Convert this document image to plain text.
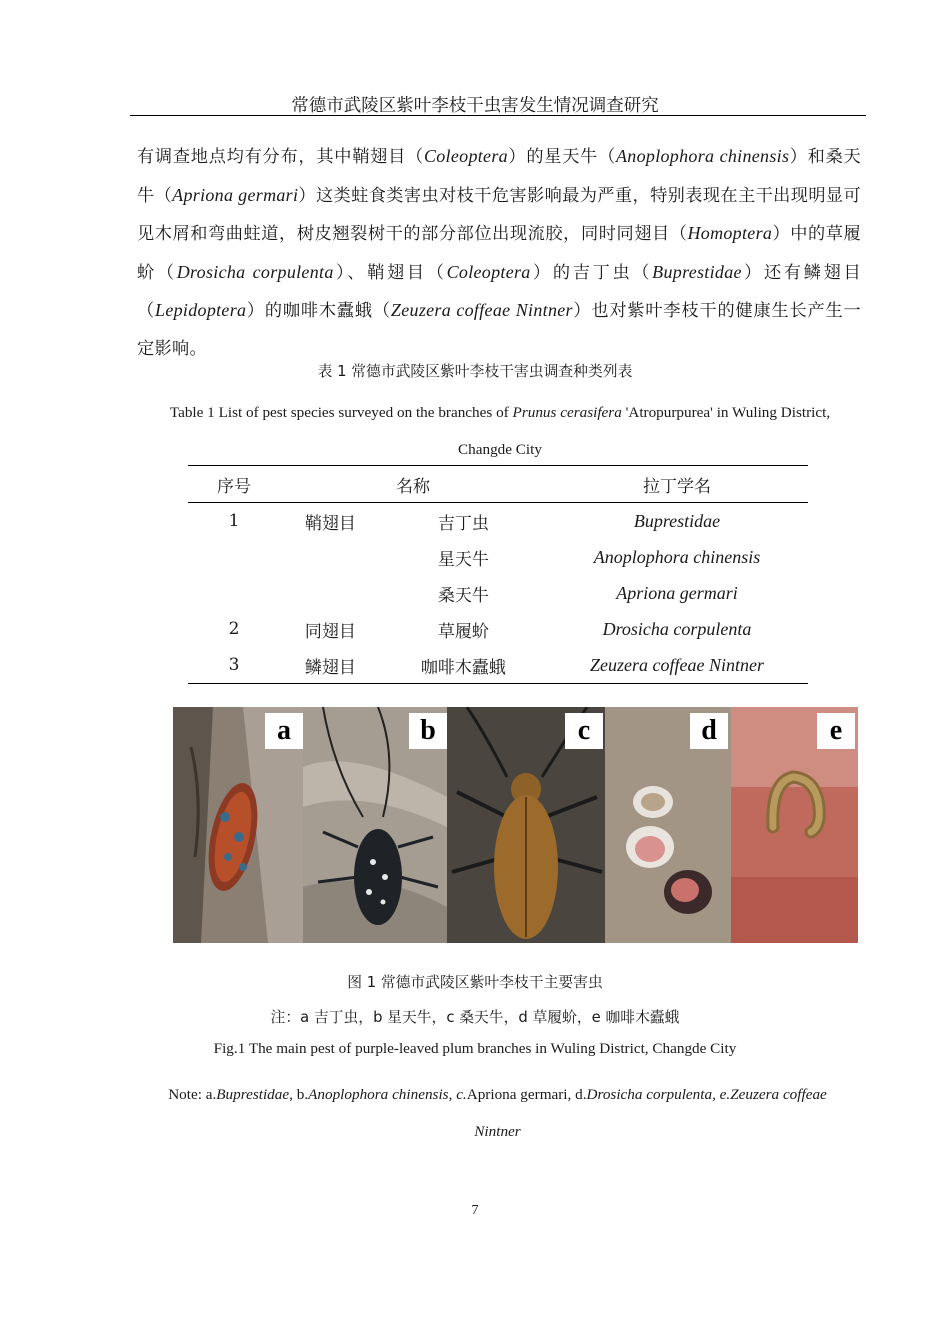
常德市武陵区紫叶李枝干虫害发生情况调查研究
有调查地点均有分布，其中鞘翅目（Coleoptera）的星天牛（Anoplophora chinensis）和桑天牛（Apriona germari）这类蛀食类害虫对枝干危害影响最为严重，特别表现在主干出现明显可见木屑和弯曲蛀道，树皮翘裂树干的部分部位出现流胶，同时同翅目（Homoptera）中的草履蚧（Drosicha corpulenta）、鞘翅目（Coleoptera）的吉丁虫（Buprestidae）还有鳞翅目（Lepidoptera）的咖啡木蠹蛾（Zeuzera coffeae Nintner）也对紫叶李枝干的健康生长产生一定影响。
表 1 常德市武陵区紫叶李枝干害虫调查种类列表
Table 1 List of pest species surveyed on the branches of Prunus cerasifera 'Atropurpurea' in Wuling District, Changde City
序号	名称		拉丁学名
1	鞘翅目	吉丁虫	Buprestidae
		星天牛	Anoplophora chinensis
		桑天牛	Apriona germari
2	同翅目	草履蚧	Drosicha corpulenta
3	鳞翅目	咖啡木蠹蛾	Zeuzera coffeae Nintner
a	b	c	d	e
图 1 常德市武陵区紫叶李枝干主要害虫
注：a 吉丁虫，b 星天牛，c 桑天牛，d 草履蚧，e 咖啡木蠹蛾
Fig.1 The main pest of purple-leaved plum branches in Wuling District, Changde City
Note: a.Buprestidae, b.Anoplophora chinensis, c.Apriona germari, d.Drosicha corpulenta, e.Zeuzera coffeae Nintner
7
